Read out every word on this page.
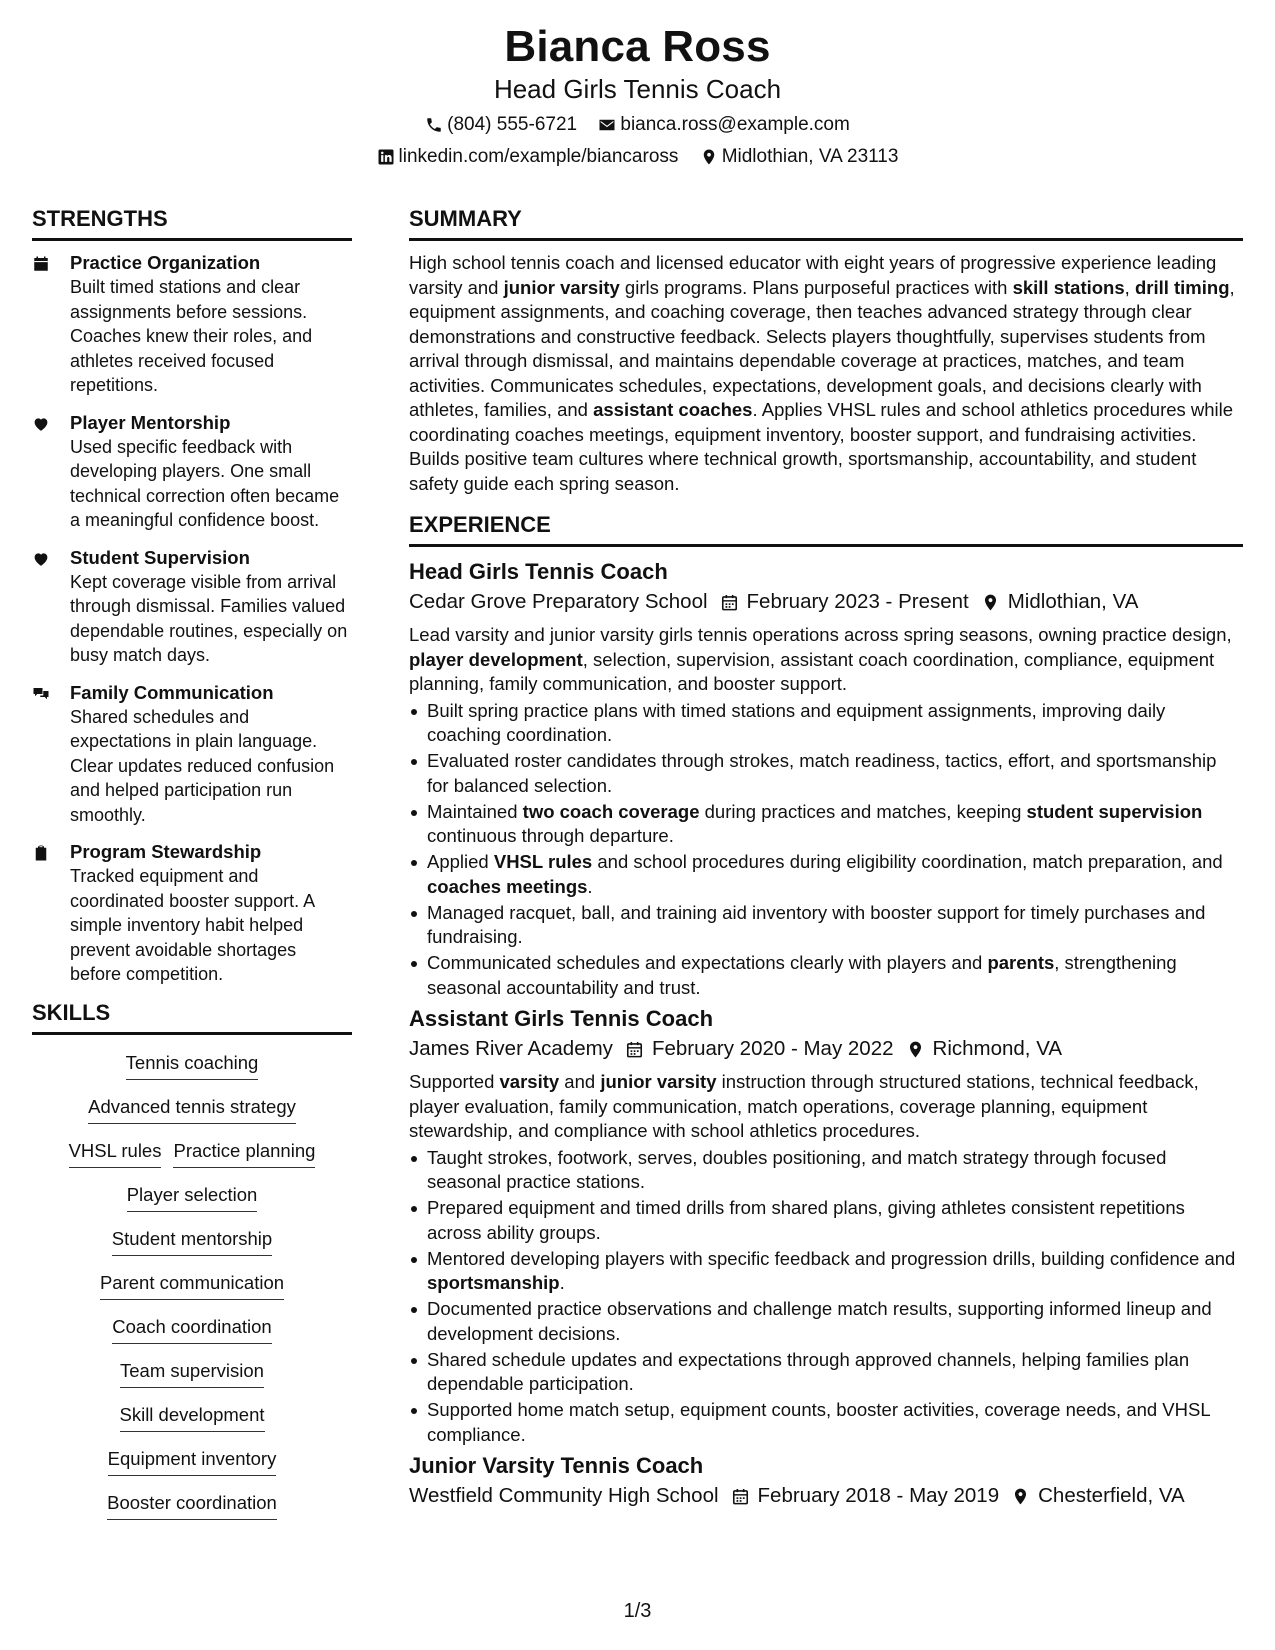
Bianca Ross
Head Girls Tennis Coach
(804) 555-6721
bianca.ross@example.com
linkedin.com/example/biancaross
Midlothian, VA 23113
STRENGTHS
Practice Organization
Built timed stations and clear assignments before sessions. Coaches knew their roles, and athletes received focused repetitions.
Player Mentorship
Used specific feedback with developing players. One small technical correction often became a meaningful confidence boost.
Student Supervision
Kept coverage visible from arrival through dismissal. Families valued dependable routines, especially on busy match days.
Family Communication
Shared schedules and expectations in plain language. Clear updates reduced confusion and helped participation run smoothly.
Program Stewardship
Tracked equipment and coordinated booster support. A simple inventory habit helped prevent avoidable shortages before competition.
SKILLS
Tennis coaching
Advanced tennis strategy
VHSL rules Practice planning
Player selection
Student mentorship
Parent communication
Coach coordination
Team supervision
Skill development
Equipment inventory
Booster coordination
SUMMARY
High school tennis coach and licensed educator with eight years of progressive experience leading varsity and junior varsity girls programs. Plans purposeful practices with skill stations, drill timing, equipment assignments, and coaching coverage, then teaches advanced strategy through clear demonstrations and constructive feedback. Selects players thoughtfully, supervises students from arrival through dismissal, and maintains dependable coverage at practices, matches, and team activities. Communicates schedules, expectations, development goals, and decisions clearly with athletes, families, and assistant coaches. Applies VHSL rules and school athletics procedures while coordinating coaches meetings, equipment inventory, booster support, and fundraising activities. Builds positive team cultures where technical growth, sportsmanship, accountability, and student safety guide each spring season.
EXPERIENCE
Head Girls Tennis Coach
Cedar Grove Preparatory School February 2023 - Present Midlothian, VA
Lead varsity and junior varsity girls tennis operations across spring seasons, owning practice design, player development, selection, supervision, assistant coach coordination, compliance, equipment planning, family communication, and booster support.
Built spring practice plans with timed stations and equipment assignments, improving daily coaching coordination.
Evaluated roster candidates through strokes, match readiness, tactics, effort, and sportsmanship for balanced selection.
Maintained two coach coverage during practices and matches, keeping student supervision continuous through departure.
Applied VHSL rules and school procedures during eligibility coordination, match preparation, and coaches meetings.
Managed racquet, ball, and training aid inventory with booster support for timely purchases and fundraising.
Communicated schedules and expectations clearly with players and parents, strengthening seasonal accountability and trust.
Assistant Girls Tennis Coach
James River Academy February 2020 - May 2022 Richmond, VA
Supported varsity and junior varsity instruction through structured stations, technical feedback, player evaluation, family communication, match operations, coverage planning, equipment stewardship, and compliance with school athletics procedures.
Taught strokes, footwork, serves, doubles positioning, and match strategy through focused seasonal practice stations.
Prepared equipment and timed drills from shared plans, giving athletes consistent repetitions across ability groups.
Mentored developing players with specific feedback and progression drills, building confidence and sportsmanship.
Documented practice observations and challenge match results, supporting informed lineup and development decisions.
Shared schedule updates and expectations through approved channels, helping families plan dependable participation.
Supported home match setup, equipment counts, booster activities, coverage needs, and VHSL compliance.
Junior Varsity Tennis Coach
Westfield Community High School February 2018 - May 2019 Chesterfield, VA
1/3
